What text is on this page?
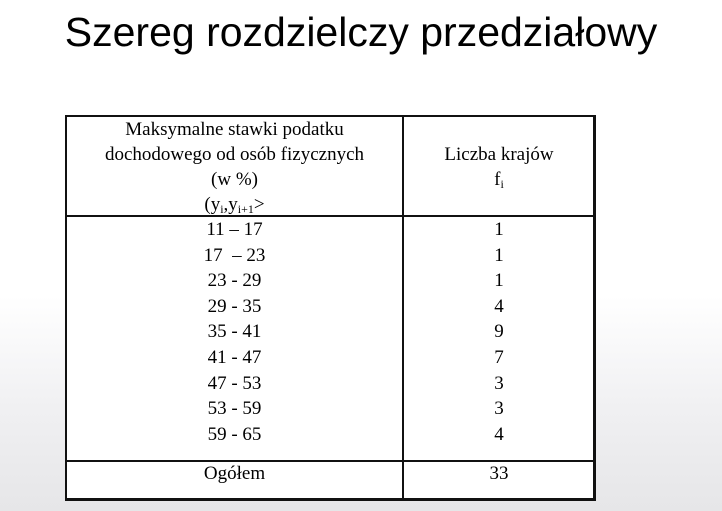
Szereg rozdzielczy przedziałowy
Maksymalne stawki podatku
dochodowego od osób fizycznych
(w %)
($y_i,y_{i+1}>$
Liczba krajów
$f_i$
11 – 17
17  – 23
23 - 29
29 - 35
35 - 41
41 - 47
47 - 53
53 - 59
59 - 65
1
1
1
4
9
7
3
3
4
Ogółem	33
